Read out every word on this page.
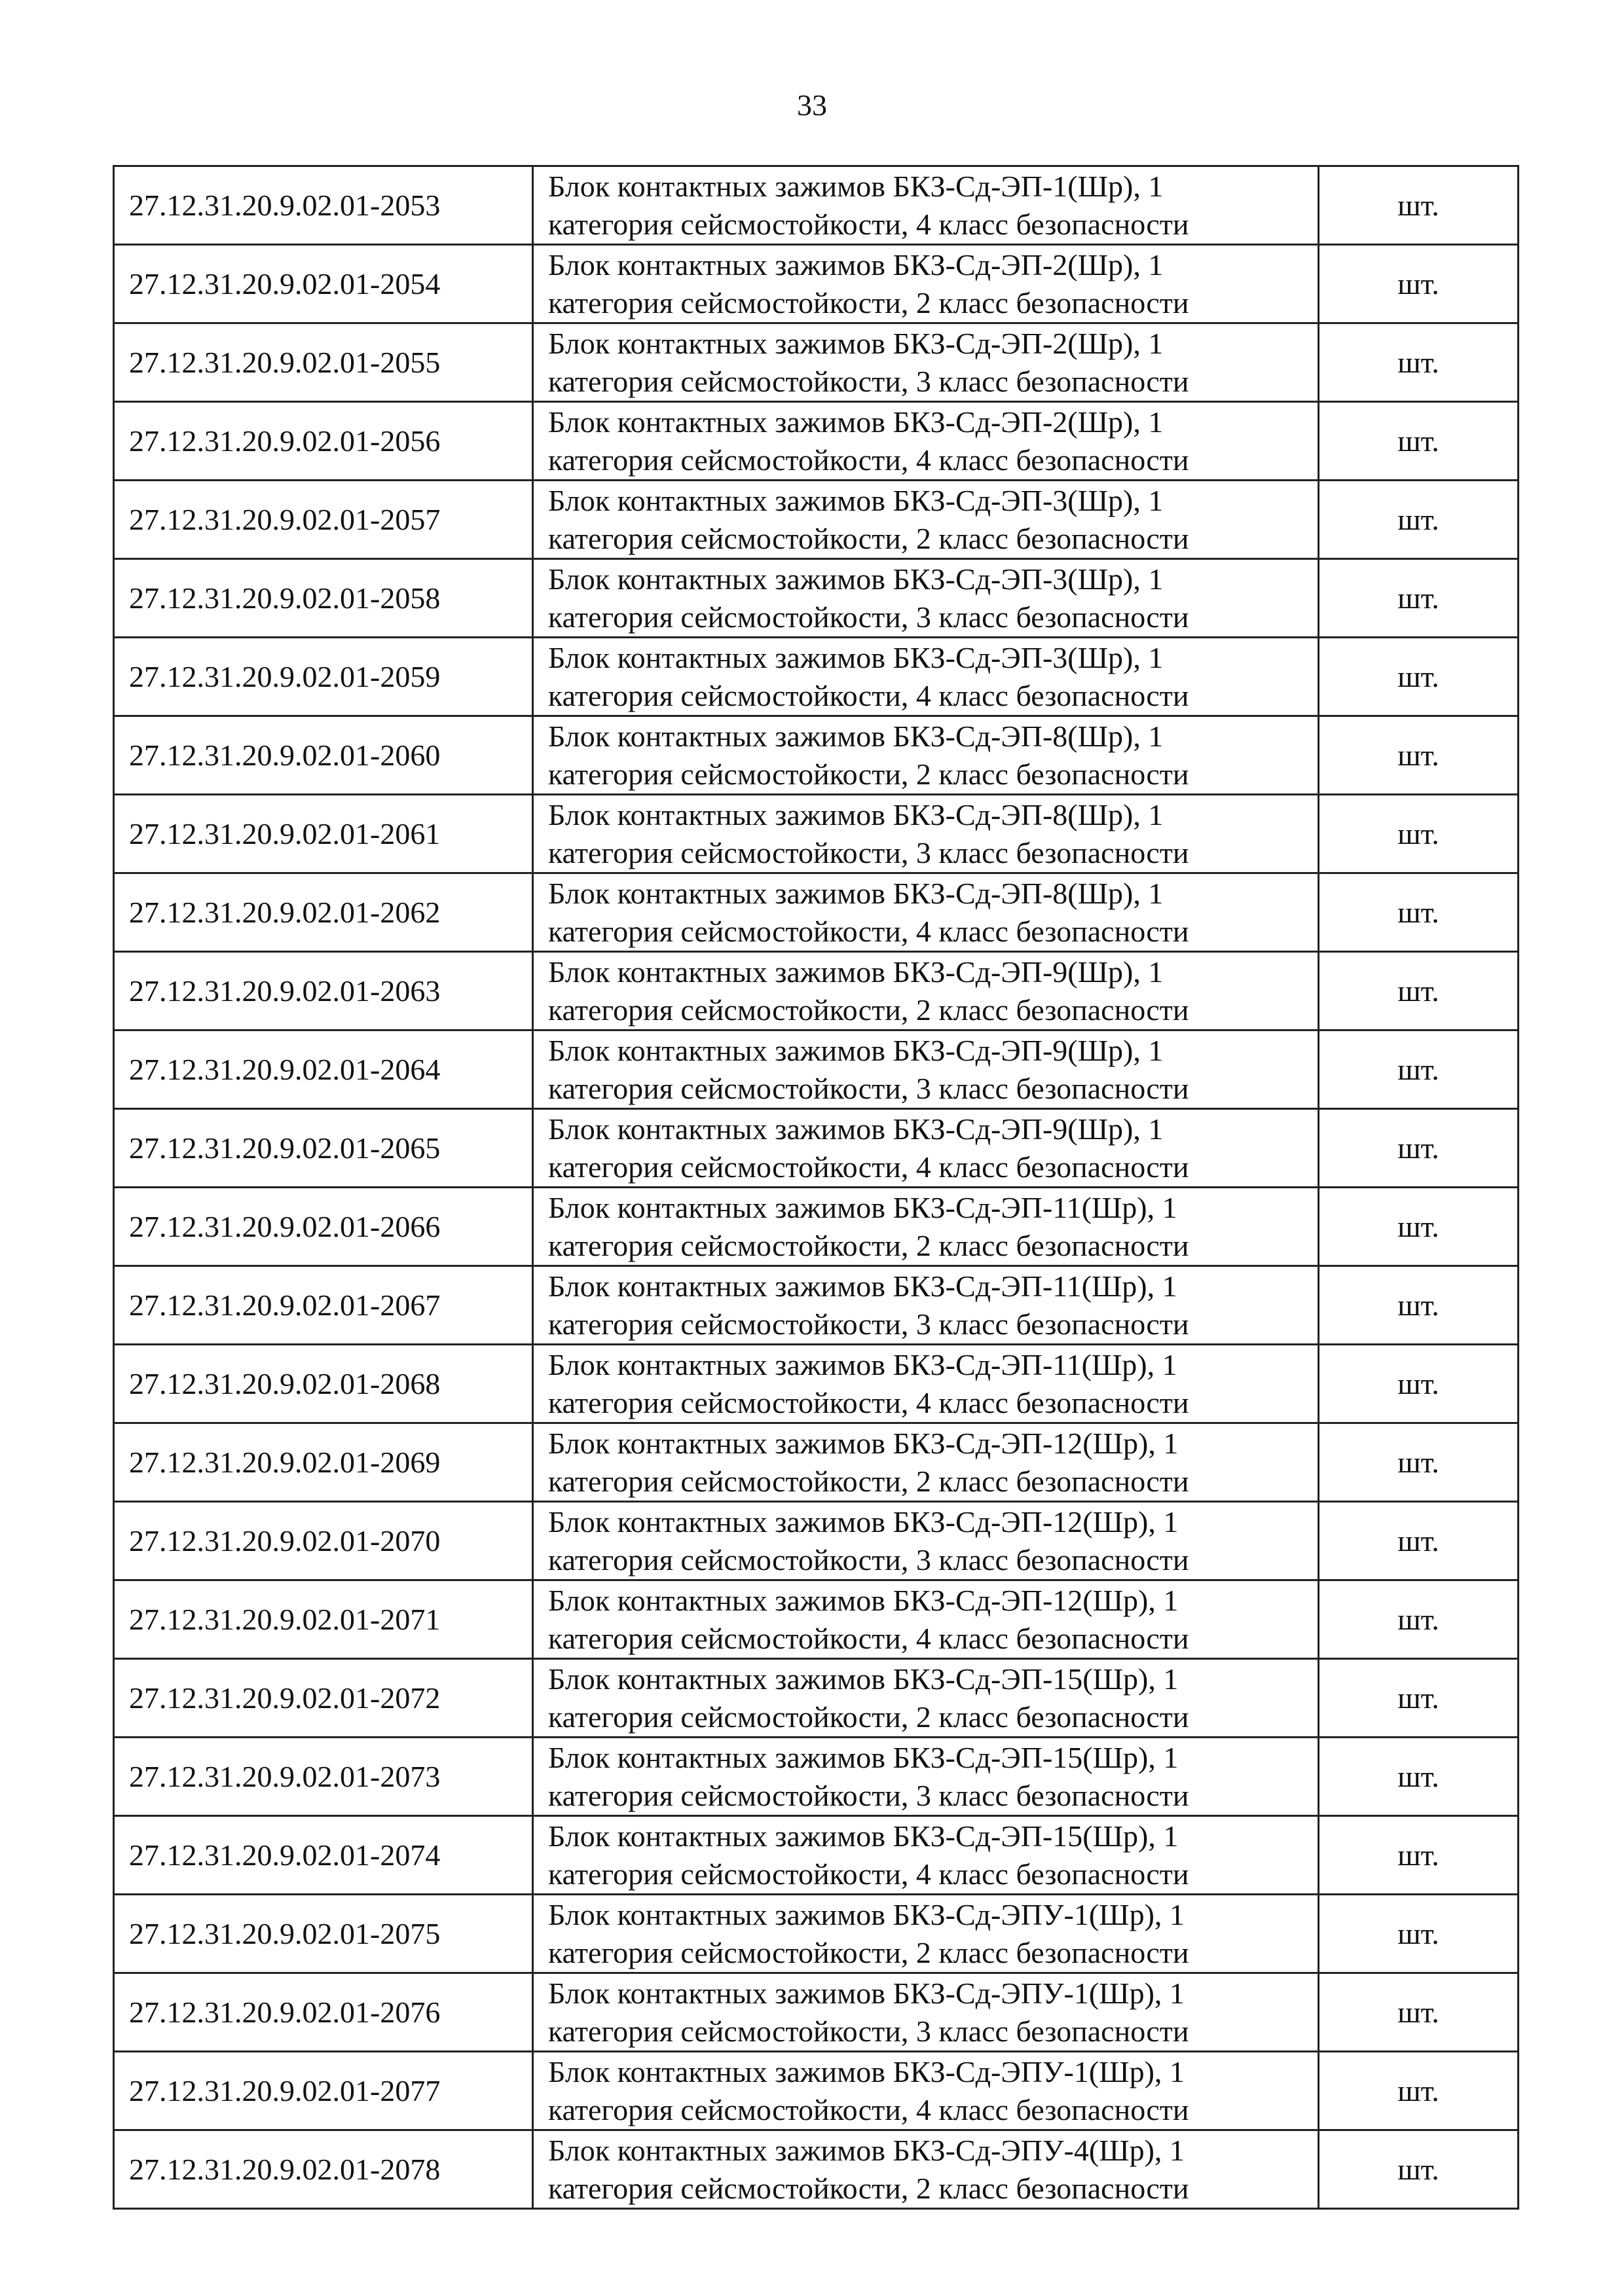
33
27.12.31.20.9.02.01-2053	Блок контактных зажимов БКЗ-Сд-ЭП-1(Шр), 1
категория сейсмостойкости, 4 класс безопасности	шт.
27.12.31.20.9.02.01-2054	Блок контактных зажимов БКЗ-Сд-ЭП-2(Шр), 1
категория сейсмостойкости, 2 класс безопасности	шт.
27.12.31.20.9.02.01-2055	Блок контактных зажимов БКЗ-Сд-ЭП-2(Шр), 1
категория сейсмостойкости, 3 класс безопасности	шт.
27.12.31.20.9.02.01-2056	Блок контактных зажимов БКЗ-Сд-ЭП-2(Шр), 1
категория сейсмостойкости, 4 класс безопасности	шт.
27.12.31.20.9.02.01-2057	Блок контактных зажимов БКЗ-Сд-ЭП-3(Шр), 1
категория сейсмостойкости, 2 класс безопасности	шт.
27.12.31.20.9.02.01-2058	Блок контактных зажимов БКЗ-Сд-ЭП-3(Шр), 1
категория сейсмостойкости, 3 класс безопасности	шт.
27.12.31.20.9.02.01-2059	Блок контактных зажимов БКЗ-Сд-ЭП-3(Шр), 1
категория сейсмостойкости, 4 класс безопасности	шт.
27.12.31.20.9.02.01-2060	Блок контактных зажимов БКЗ-Сд-ЭП-8(Шр), 1
категория сейсмостойкости, 2 класс безопасности	шт.
27.12.31.20.9.02.01-2061	Блок контактных зажимов БКЗ-Сд-ЭП-8(Шр), 1
категория сейсмостойкости, 3 класс безопасности	шт.
27.12.31.20.9.02.01-2062	Блок контактных зажимов БКЗ-Сд-ЭП-8(Шр), 1
категория сейсмостойкости, 4 класс безопасности	шт.
27.12.31.20.9.02.01-2063	Блок контактных зажимов БКЗ-Сд-ЭП-9(Шр), 1
категория сейсмостойкости, 2 класс безопасности	шт.
27.12.31.20.9.02.01-2064	Блок контактных зажимов БКЗ-Сд-ЭП-9(Шр), 1
категория сейсмостойкости, 3 класс безопасности	шт.
27.12.31.20.9.02.01-2065	Блок контактных зажимов БКЗ-Сд-ЭП-9(Шр), 1
категория сейсмостойкости, 4 класс безопасности	шт.
27.12.31.20.9.02.01-2066	Блок контактных зажимов БКЗ-Сд-ЭП-11(Шр), 1
категория сейсмостойкости, 2 класс безопасности	шт.
27.12.31.20.9.02.01-2067	Блок контактных зажимов БКЗ-Сд-ЭП-11(Шр), 1
категория сейсмостойкости, 3 класс безопасности	шт.
27.12.31.20.9.02.01-2068	Блок контактных зажимов БКЗ-Сд-ЭП-11(Шр), 1
категория сейсмостойкости, 4 класс безопасности	шт.
27.12.31.20.9.02.01-2069	Блок контактных зажимов БКЗ-Сд-ЭП-12(Шр), 1
категория сейсмостойкости, 2 класс безопасности	шт.
27.12.31.20.9.02.01-2070	Блок контактных зажимов БКЗ-Сд-ЭП-12(Шр), 1
категория сейсмостойкости, 3 класс безопасности	шт.
27.12.31.20.9.02.01-2071	Блок контактных зажимов БКЗ-Сд-ЭП-12(Шр), 1
категория сейсмостойкости, 4 класс безопасности	шт.
27.12.31.20.9.02.01-2072	Блок контактных зажимов БКЗ-Сд-ЭП-15(Шр), 1
категория сейсмостойкости, 2 класс безопасности	шт.
27.12.31.20.9.02.01-2073	Блок контактных зажимов БКЗ-Сд-ЭП-15(Шр), 1
категория сейсмостойкости, 3 класс безопасности	шт.
27.12.31.20.9.02.01-2074	Блок контактных зажимов БКЗ-Сд-ЭП-15(Шр), 1
категория сейсмостойкости, 4 класс безопасности	шт.
27.12.31.20.9.02.01-2075	Блок контактных зажимов БКЗ-Сд-ЭПУ-1(Шр), 1
категория сейсмостойкости, 2 класс безопасности	шт.
27.12.31.20.9.02.01-2076	Блок контактных зажимов БКЗ-Сд-ЭПУ-1(Шр), 1
категория сейсмостойкости, 3 класс безопасности	шт.
27.12.31.20.9.02.01-2077	Блок контактных зажимов БКЗ-Сд-ЭПУ-1(Шр), 1
категория сейсмостойкости, 4 класс безопасности	шт.
27.12.31.20.9.02.01-2078	Блок контактных зажимов БКЗ-Сд-ЭПУ-4(Шр), 1
категория сейсмостойкости, 2 класс безопасности	шт.
